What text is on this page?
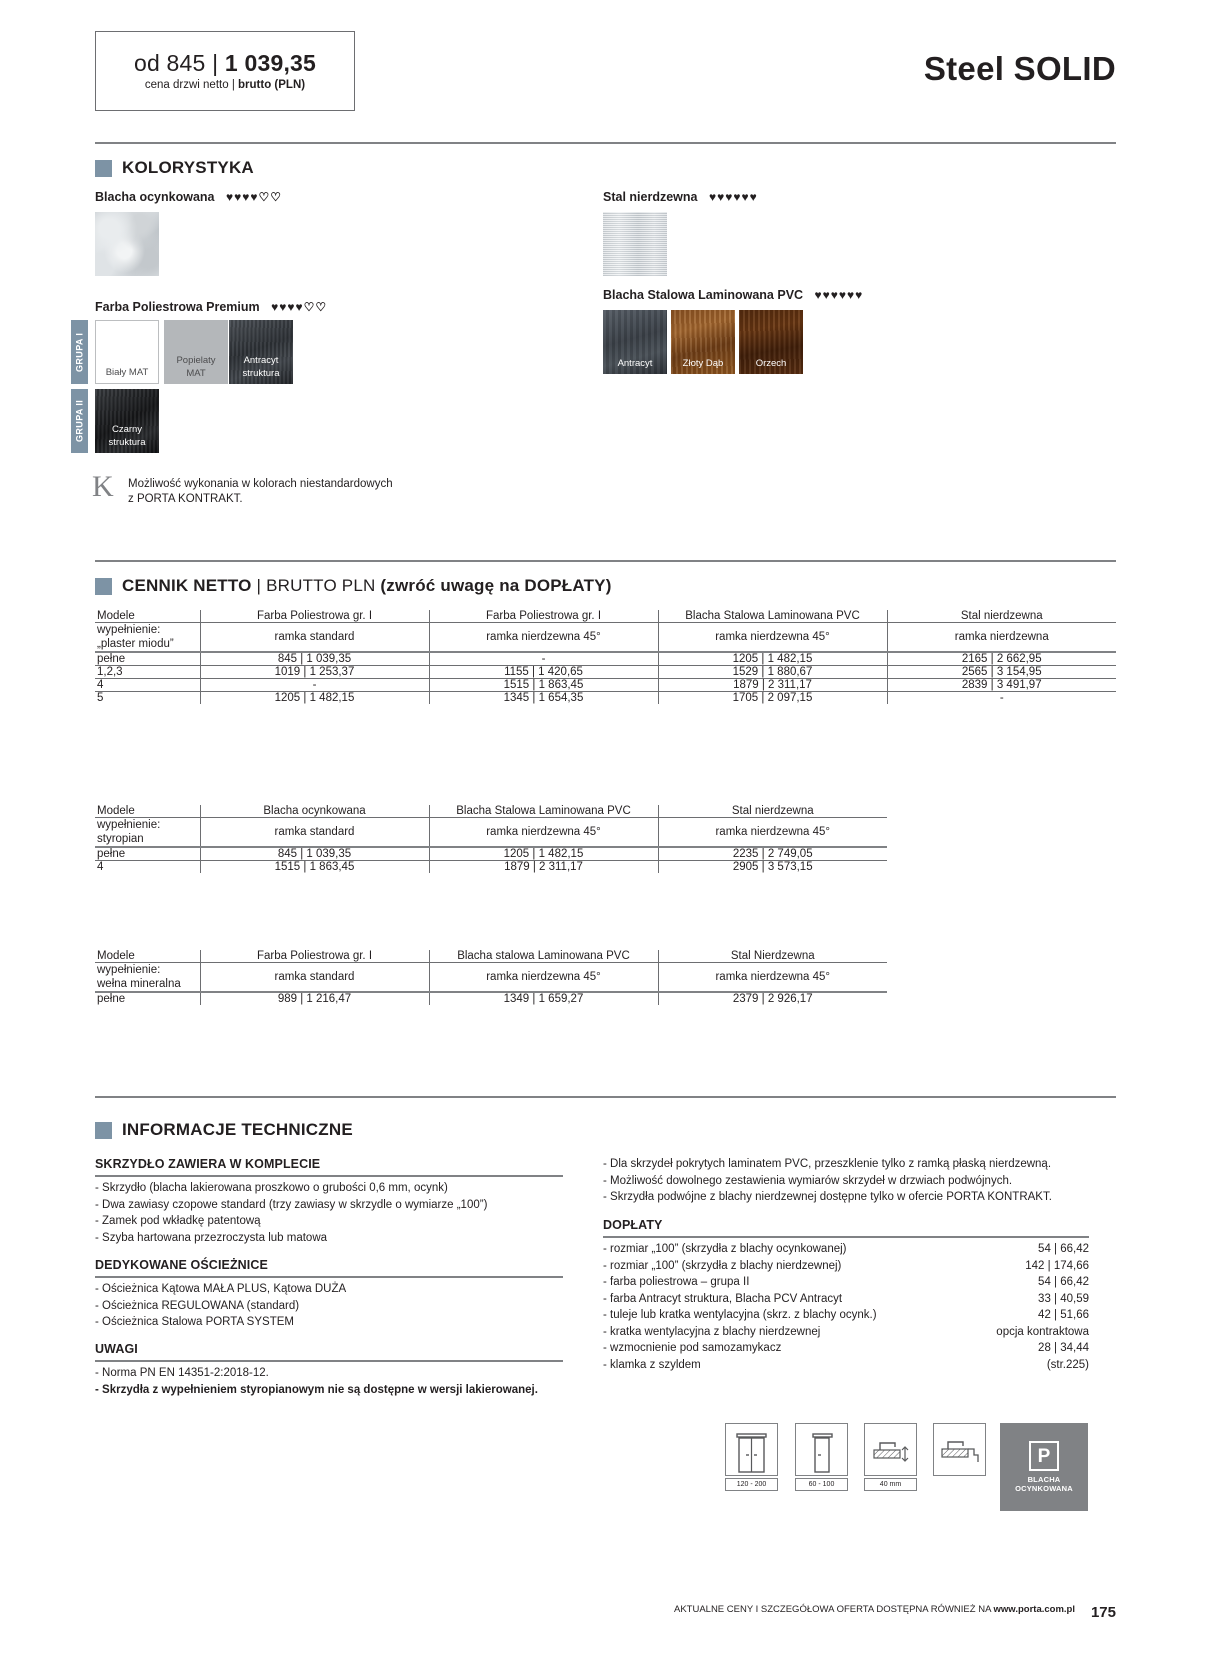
od 845 | 1 039,35
cena drzwi netto | brutto (PLN)	Steel SOLID
KOLORYSTYKA
Blacha ocynkowana ♥♥♥♥♡♡	Stal nierdzewna ♥♥♥♥♥♥
Farba Poliestrowa Premium ♥♥♥♥♡♡
GRUPA I
Biały MAT
Popielaty
MAT
Antracyt
struktura
GRUPA II	Czarny
struktura
Blacha Stalowa Laminowana PVC ♥♥♥♥♥♥
Antracyt	Złoty Dąb	Orzech
K Możliwość wykonania w kolorach niestandardowych
z PORTA KONTRAKT.
CENNIK NETTO | BRUTTO PLN (zwróć uwagę na DOPŁATY)
Modele	Farba Poliestrowa gr. I	Farba Poliestrowa gr. I	Blacha Stalowa Laminowana PVC	Stal nierdzewna
wypełnienie:
„plaster miodu”	ramka standard	ramka nierdzewna 45°	ramka nierdzewna 45°	ramka nierdzewna
pełne	845 | 1 039,35	-	1205 | 1 482,15	2165 | 2 662,95
1,2,3	1019 | 1 253,37	1155 | 1 420,65	1529 | 1 880,67	2565 | 3 154,95
4	-	1515 | 1 863,45	1879 | 2 311,17	2839 | 3 491,97
5	1205 | 1 482,15	1345 | 1 654,35	1705 | 2 097,15	-
Modele	Blacha ocynkowana	Blacha Stalowa Laminowana PVC	Stal nierdzewna
wypełnienie:
styropian	ramka standard	ramka nierdzewna 45°	ramka nierdzewna 45°
pełne	845 | 1 039,35	1205 | 1 482,15	2235 | 2 749,05
4	1515 | 1 863,45	1879 | 2 311,17	2905 | 3 573,15
Modele	Farba Poliestrowa gr. I	Blacha stalowa Laminowana PVC	Stal Nierdzewna
wypełnienie:
wełna mineralna	ramka standard	ramka nierdzewna 45°	ramka nierdzewna 45°
pełne	989 | 1 216,47	1349 | 1 659,27	2379 | 2 926,17
INFORMACJE TECHNICZNE
SKRZYDŁO ZAWIERA W KOMPLECIE
- Skrzydło (blacha lakierowana proszkowo o grubości 0,6 mm, ocynk)
- Dwa zawiasy czopowe standard (trzy zawiasy w skrzydle o wymiarze „100”)
- Zamek pod wkładkę patentową
- Szyba hartowana przezroczysta lub matowa
DEDYKOWANE OŚCIEŻNICE
- Ościeżnica Kątowa MAŁA PLUS, Kątowa DUŻA
- Ościeżnica REGULOWANA (standard)
- Ościeżnica Stalowa PORTA SYSTEM
UWAGI
- Norma PN EN 14351-2:2018-12.
- Skrzydła z wypełnieniem styropianowym nie są dostępne w wersji lakierowanej.
- Dla skrzydeł pokrytych laminatem PVC, przeszklenie tylko z ramką płaską nierdzewną.
- Możliwość dowolnego zestawienia wymiarów skrzydeł w drzwiach podwójnych.
- Skrzydła podwójne z blachy nierdzewnej dostępne tylko w ofercie PORTA KONTRAKT.
DOPŁATY
- rozmiar „100” (skrzydła z blachy ocynkowanej)	54 | 66,42
- rozmiar „100” (skrzydła z blachy nierdzewnej)	142 | 174,66
- farba poliestrowa – grupa II	54 | 66,42
- farba Antracyt struktura, Blacha PCV Antracyt	33 | 40,59
- tuleje lub kratka wentylacyjna (skrz. z blachy ocynk.)	42 | 51,66
- kratka wentylacyjna z blachy nierdzewnej	opcja kontraktowa
- wzmocnienie pod samozamykacz	28 | 34,44
- klamka z szyldem	(str.225)
120 - 200	60 - 100	40 mm
P
BLACHA
OCYNKOWANA
AKTUALNE CENY I SZCZEGÓŁOWA OFERTA DOSTĘPNA RÓWNIEŻ NA www.porta.com.pl 175
